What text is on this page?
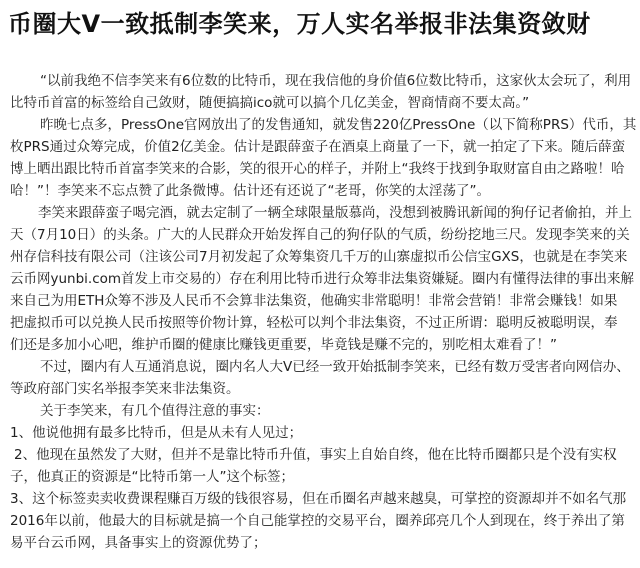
币圈大V一致抵制李笑来，万人实名举报非法集资敛财
“以前我绝不信李笑来有6位数的比特币，现在我信他的身价值6位数比特币，这家伙太会玩了，利用
比特币首富的标签给自己敛财，随便搞搞ico就可以搞个几亿美金，智商情商不要太高。”
昨晚七点多，PressOne官网放出了的发售通知，就发售220亿PressOne（以下简称PRS）代币，其
枚PRS通过众筹完成，价值2亿美金。估计是跟薛蛮子在酒桌上商量了一下，就一拍定了下来。随后薛蛮
博上晒出跟比特币首富李笑来的合影，笑的很开心的样子，并附上“我终于找到争取财富自由之路啦！哈
哈！”！李笑来不忘点赞了此条微博。估计还有还说了“老哥，你笑的太淫荡了”。
李笑来跟薛蛮子喝完酒，就去定制了一辆全球限量版慕尚，没想到被腾讯新闻的狗仔记者偷拍，并上
天（7月10日）的头条。广大的人民群众开始发挥自己的狗仔队的气质，纷纷挖地三尺。发现李笑来的关
州存信科技有限公司（注该公司7月初发起了众筹集资几千万的山寨虚拟币公信宝GXS，也就是在李笑来
云币网yunbi.com首发上市交易的）存在利用比特币进行众筹非法集资嫌疑。圈内有懂得法律的事出来解
来自己为用ETH众筹不涉及人民币不会算非法集资，他确实非常聪明！非常会营销！非常会赚钱！如果
把虚拟币可以兑换人民币按照等价物计算，轻松可以判个非法集资，不过正所谓：聪明反被聪明误，奉
们还是多加小心吧，维护币圈的健康比赚钱更重要，毕竟钱是赚不完的，别吃相太难看了！”
不过，圈内有人互通消息说，圈内名人大V已经一致开始抵制李笑来，已经有数万受害者向网信办、
等政府部门实名举报李笑来非法集资。
关于李笑来，有几个值得注意的事实：
1、他说他拥有最多比特币，但是从未有人见过；
2、他现在虽然发了大财，但并不是靠比特币升值，事实上自始自终，他在比特币圈都只是个没有实权
子，他真正的资源是“比特币第一人”这个标签；
3、这个标签卖卖收费课程赚百万级的钱很容易，但在币圈名声越来越臭，可掌控的资源却并不如名气那
2016年以前，他最大的目标就是搞一个自己能掌控的交易平台，圈养邱亮几个人到现在，终于养出了第
易平台云币网，具备事实上的资源优势了；
